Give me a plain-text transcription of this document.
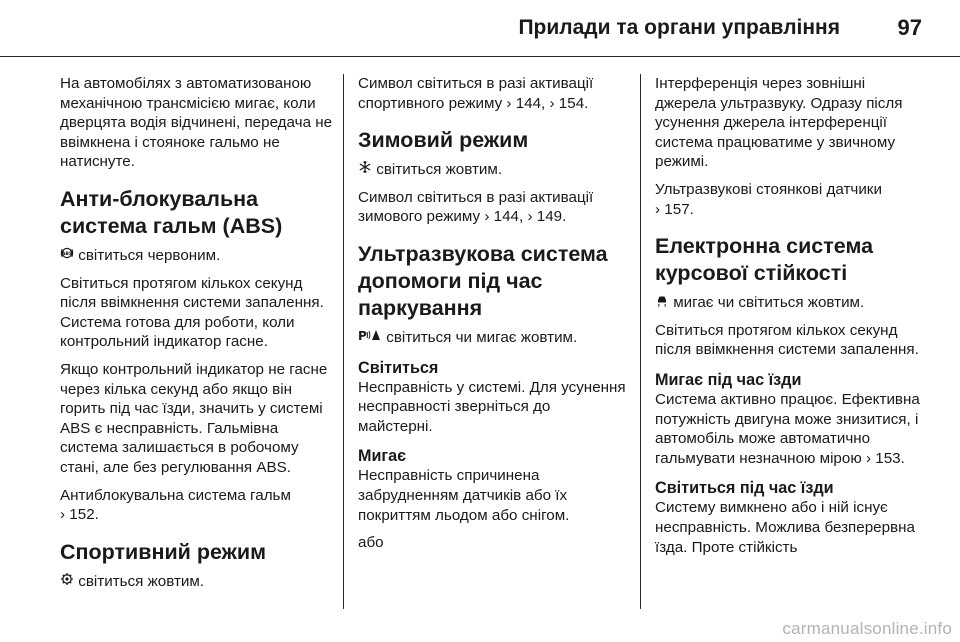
Прилади та органи управління	97

На автомобілях з автоматизованою механічною трансмісією мигає, коли дверцята водія відчинені, передача не ввімкнена і стояноке гальмо не натиснуте.

Анти-блокувальна система гальм (ABS)

ABS світиться червоним.

Світиться протягом кількох секунд після ввімкнення системи запалення. Система готова для роботи, коли контрольний індикатор гасне.

Якщо контрольний індикатор не гасне через кілька секунд або якщо він горить під час їзди, значить у системі ABS є несправність. Гальмівна система залишається в робочому стані, але без регулювання ABS.

Антиблокувальна система гальм
› 152.

Спортивний режим

світиться жовтим.

Символ світиться в разі активації спортивного режиму › 144, › 154.

Зимовий режим

світиться жовтим.

Символ світиться в разі активації зимового режиму › 144, › 149.

Ультразвукова система допомоги під час паркування

P світиться чи мигає жовтим.

Світиться

Несправність у системі. Для усунення несправності зверніться до майстерні.

Мигає

Несправність спричинена забрудненням датчиків або їх покриттям льодом або снігом.

або

Інтерференція через зовнішні джерела ультразвуку. Одразу після усунення джерела інтерференції система працюватиме у звичному режимі.

Ультразвукові стоянкові датчики
› 157.

Електронна система курсової стійкості

мигає чи світиться жовтим.

Світиться протягом кількох секунд після ввімкнення системи запалення.

Мигає під час їзди

Система активно працює. Ефективна потужність двигуна може знизитися, і автомобіль може автоматично гальмувати незначною мірою › 153.

Світиться під час їзди

Систему вимкнено або і ній існує несправність. Можлива безперервна їзда. Проте стійкість

carmanualsonline.info
